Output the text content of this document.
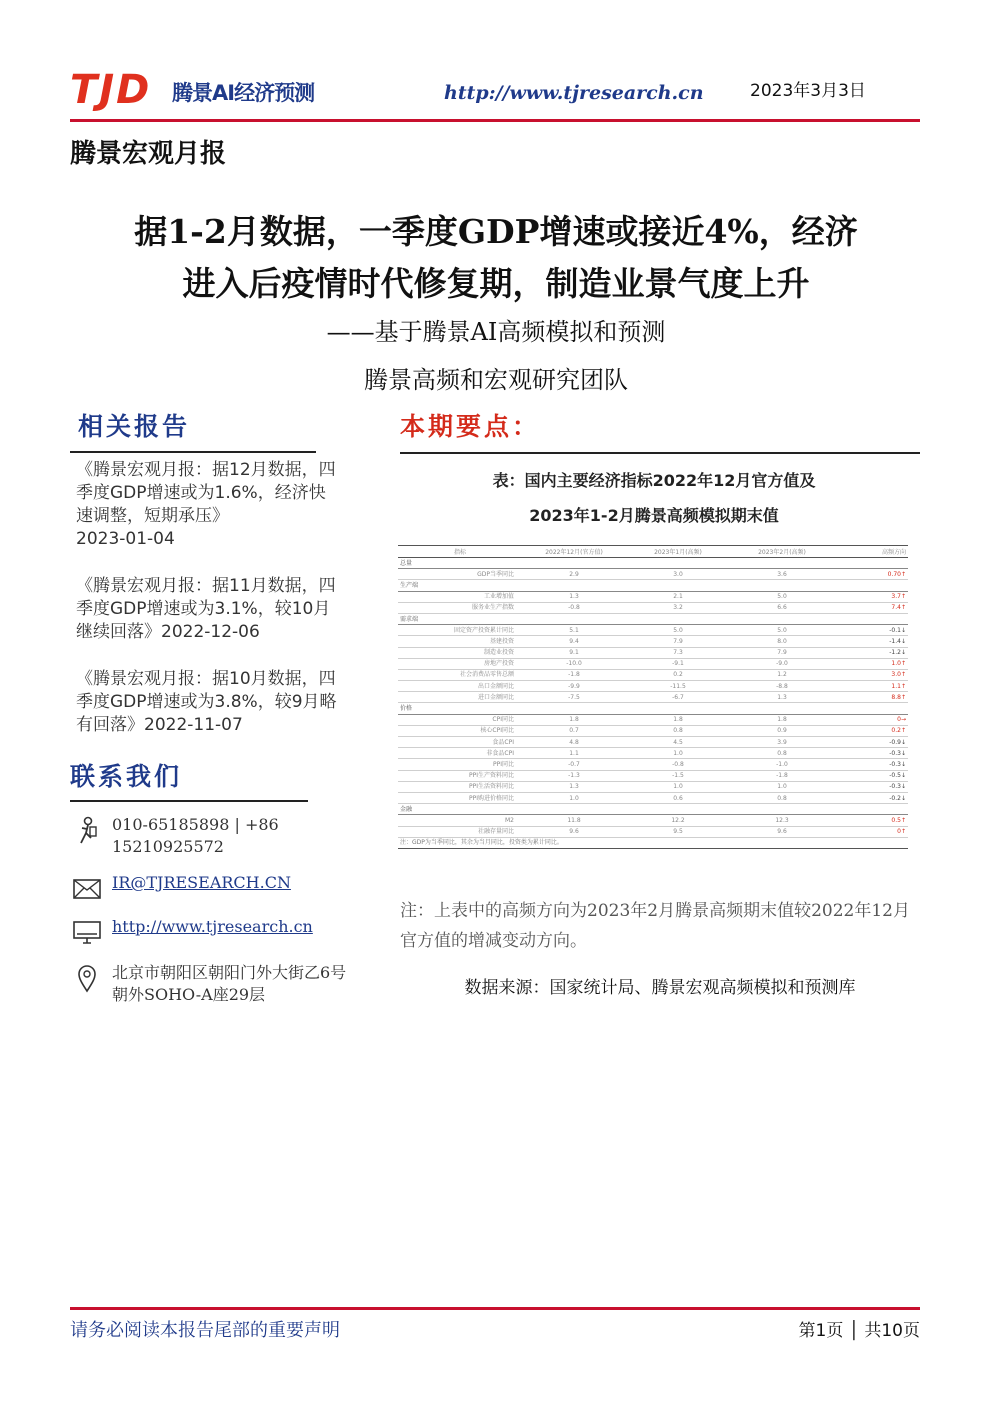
TJD 腾景AI经济预测	http://www.tjresearch.cn	2023年3月3日
腾景宏观月报
据1-2月数据，一季度GDP增速或接近4%，经济
进入后疫情时代修复期，制造业景气度上升
——基于腾景AI高频模拟和预测
腾景高频和宏观研究团队
相关报告
《腾景宏观月报：据12月数据，四季度GDP增速或为1.6%，经济快速调整，短期承压》
2023-01-04
《腾景宏观月报：据11月数据，四季度GDP增速或为3.1%，较10月继续回落》2022-12-06
《腾景宏观月报：据10月数据，四季度GDP增速或为3.8%，较9月略有回落》2022-11-07
联系我们
010-65185898 | +86 15210925572
IR@TJRESEARCH.CN
http://www.tjresearch.cn
北京市朝阳区朝阳门外大街乙6号朝外SOHO-A座29层
本期要点：
表：国内主要经济指标2022年12月官方值及
2023年1-2月腾景高频模拟期末值
指标	2022年12月(官方值)	2023年1月(高频)	2023年2月(高频)	高频方向
总量				
GDP当季同比	2.9	3.0	3.6	0.70↑
生产端				
工业增加值	1.3	2.1	5.0	3.7↑
服务业生产指数	-0.8	3.2	6.6	7.4↑
需求端				
固定资产投资累计同比	5.1	5.0	5.0	-0.1↓
基建投资	9.4	7.9	8.0	-1.4↓
制造业投资	9.1	7.3	7.9	-1.2↓
房地产投资	-10.0	-9.1	-9.0	1.0↑
社会消费品零售总额	-1.8	0.2	1.2	3.0↑
出口金额同比	-9.9	-11.5	-8.8	1.1↑
进口金额同比	-7.5	-6.7	1.3	8.8↑
价格				
CPI同比	1.8	1.8	1.8	0→
核心CPI同比	0.7	0.8	0.9	0.2↑
食品CPI	4.8	4.5	3.9	-0.9↓
非食品CPI	1.1	1.0	0.8	-0.3↓
PPI同比	-0.7	-0.8	-1.0	-0.3↓
PPI生产资料同比	-1.3	-1.5	-1.8	-0.5↓
PPI生活资料同比	1.3	1.0	1.0	-0.3↓
PPI购进价格同比	1.0	0.6	0.8	-0.2↓
金融				
M2	11.8	12.2	12.3	0.5↑
社融存量同比	9.6	9.5	9.6	0↑
注：GDP为当季同比，其余为当月同比，投资类为累计同比。				
注：上表中的高频方向为2023年2月腾景高频期末值较2022年12月官方值的增减变动方向。
数据来源：国家统计局、腾景宏观高频模拟和预测库
请务必阅读本报告尾部的重要声明	第1页 │ 共10页
